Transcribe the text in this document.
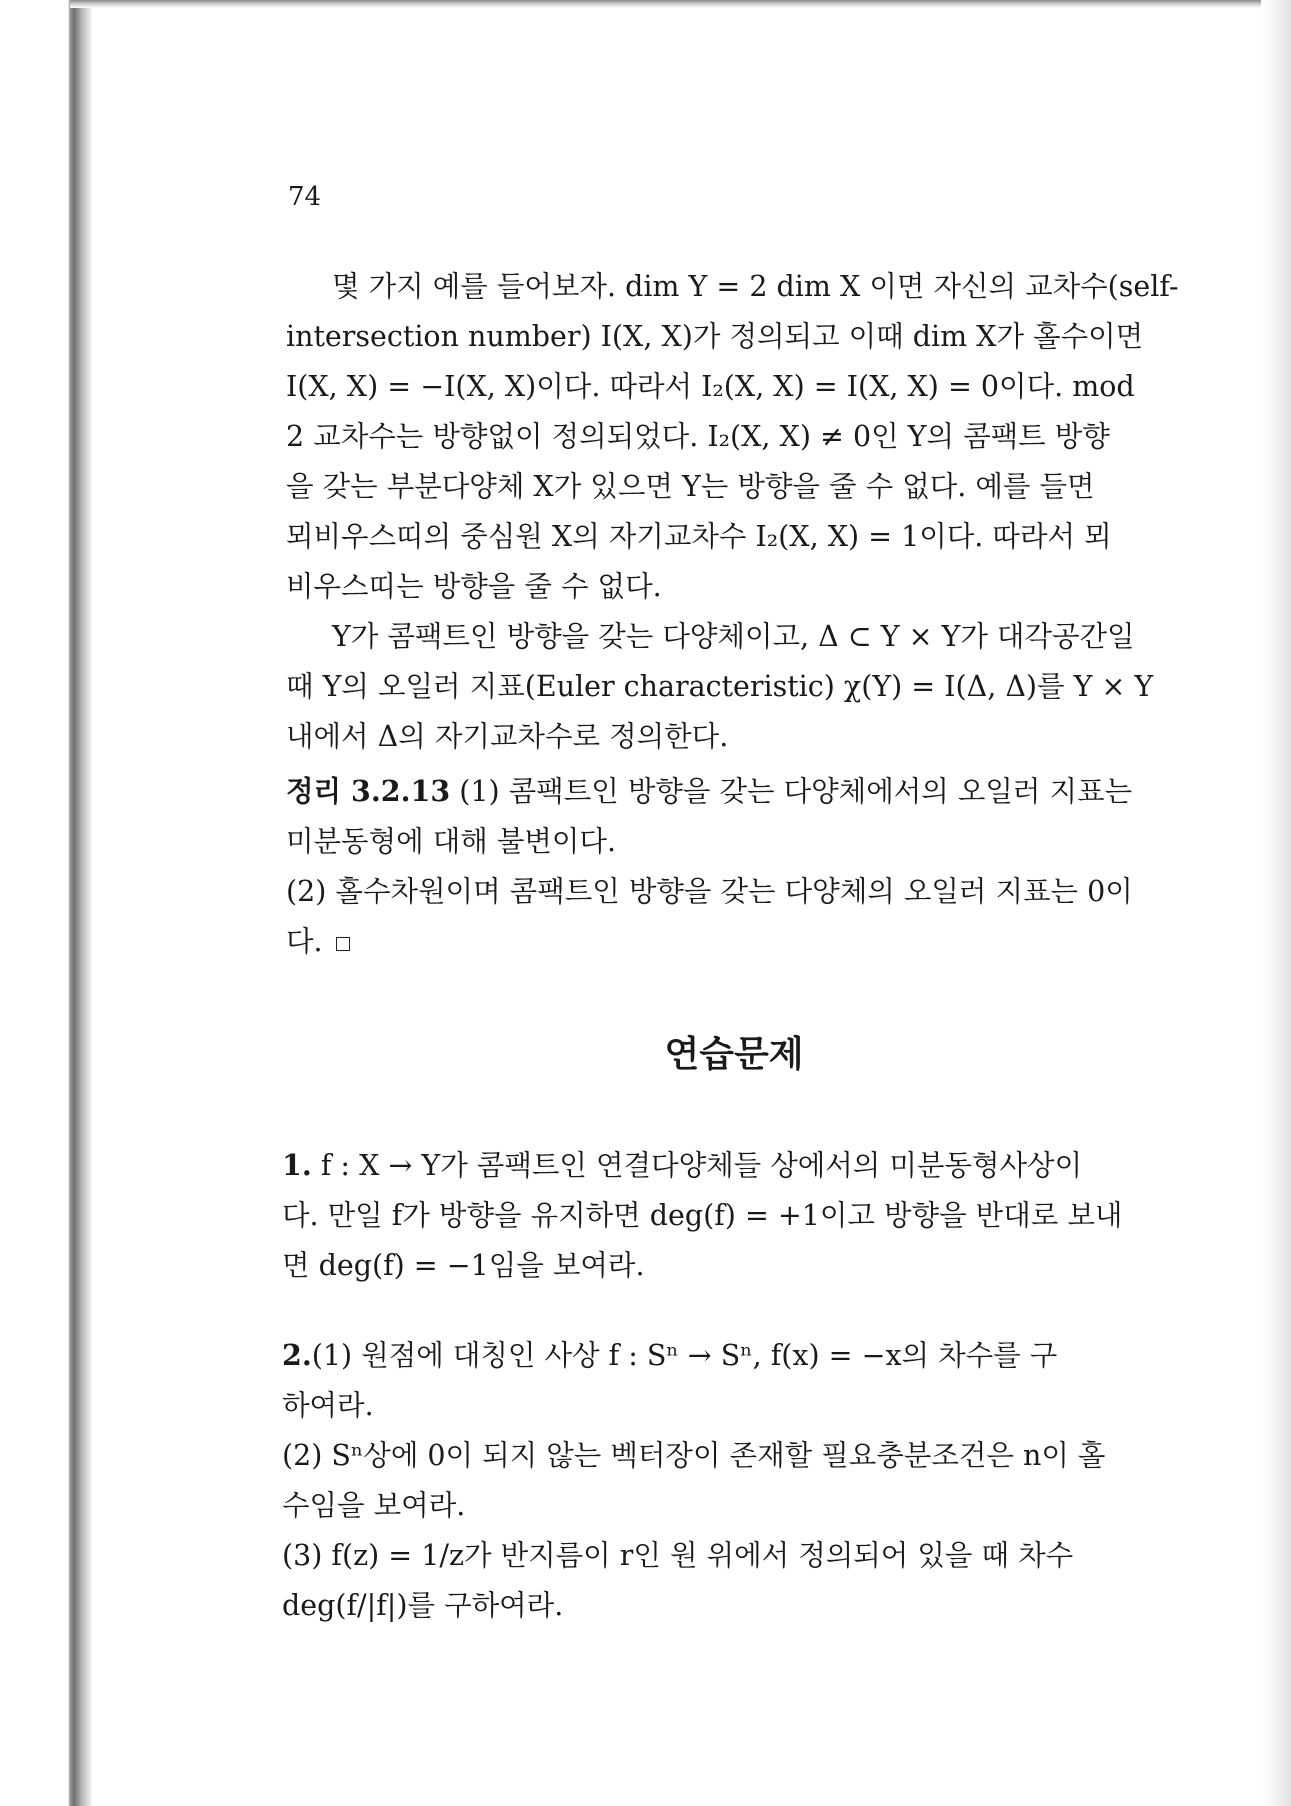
74

몇 가지 예를 들어보자. dim Y = 2 dim X 이면 자신의 교차수(self-

intersection number) I(X, X)가 정의되고 이때 dim X가 홀수이면

I(X, X) = −I(X, X)이다. 따라서 I₂(X, X) = I(X, X) = 0이다. mod

2 교차수는 방향없이 정의되었다. I₂(X, X) ≠ 0인 Y의 콤팩트 방향

을 갖는 부분다양체 X가 있으면 Y는 방향을 줄 수 없다. 예를 들면

뫼비우스띠의 중심원 X의 자기교차수 I₂(X, X) = 1이다. 따라서 뫼

비우스띠는 방향을 줄 수 없다.

Y가 콤팩트인 방향을 갖는 다양체이고, Δ ⊂ Y × Y가 대각공간일

때 Y의 오일러 지표(Euler characteristic) χ(Y) = I(Δ, Δ)를 Y × Y

내에서 Δ의 자기교차수로 정의한다.

정리 3.2.13 (1) 콤팩트인 방향을 갖는 다양체에서의 오일러 지표는

미분동형에 대해 불변이다.

(2) 홀수차원이며 콤팩트인 방향을 갖는 다양체의 오일러 지표는 0이

다.

연습문제

1. f : X → Y가 콤팩트인 연결다양체들 상에서의 미분동형사상이

다. 만일 f가 방향을 유지하면 deg(f) = +1이고 방향을 반대로 보내

면 deg(f) = −1임을 보여라.

2.(1) 원점에 대칭인 사상 f : Sⁿ → Sⁿ, f(x) = −x의 차수를 구

하여라.

(2) Sⁿ상에 0이 되지 않는 벡터장이 존재할 필요충분조건은 n이 홀

수임을 보여라.

(3) f(z) = 1/z가 반지름이 r인 원 위에서 정의되어 있을 때 차수

deg(f/|f|)를 구하여라.
